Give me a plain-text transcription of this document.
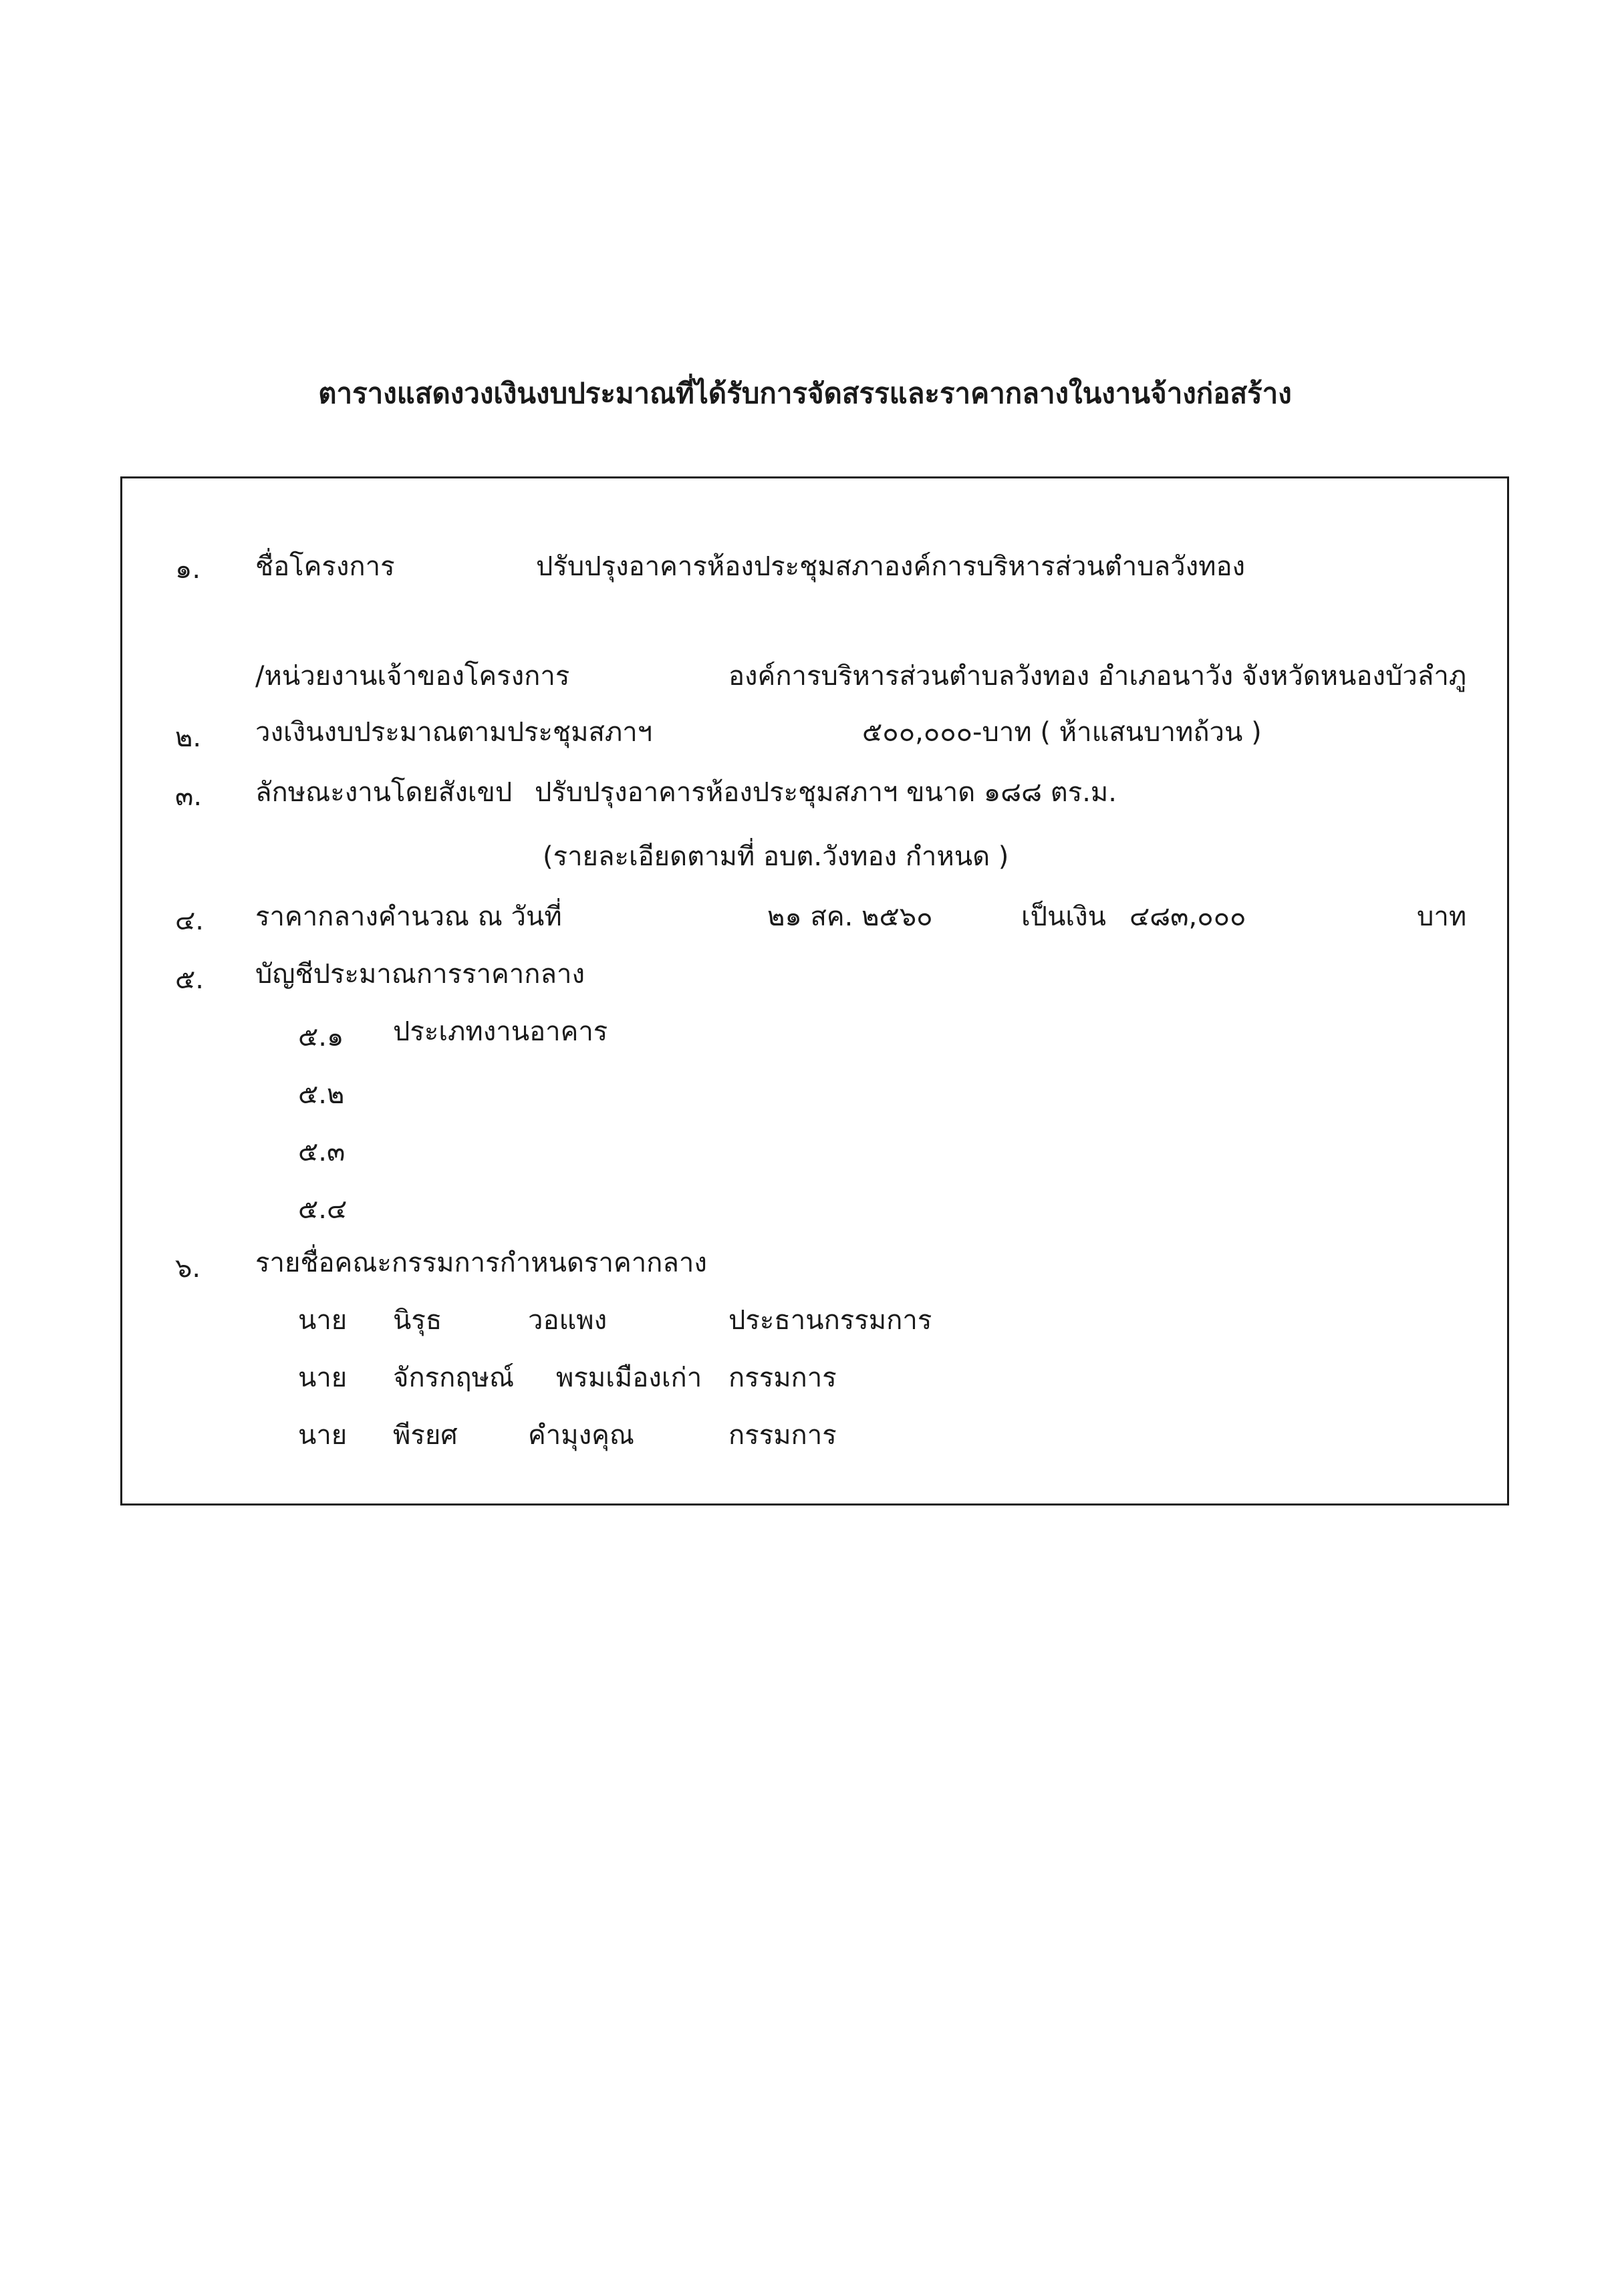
ตารางแสดงวงเงินงบประมาณที่ได้รับการจัดสรรและราคากลางในงานจ้างก่อสร้าง
๑. ชื่อโครงการ	ปรับปรุงอาคารห้องประชุมสภาองค์การบริหารส่วนตำบลวังทอง
/หน่วยงานเจ้าของโครงการ	องค์การบริหารส่วนตำบลวังทอง อำเภอนาวัง จังหวัดหนองบัวลำภู
๒. วงเงินงบประมาณตามประชุมสภาฯ	๕๐๐,๐๐๐-บาท ( ห้าแสนบาทถ้วน )
๓. ลักษณะงานโดยสังเขป ปรับปรุงอาคารห้องประชุมสภาฯ ขนาด ๑๘๘ ตร.ม.
(รายละเอียดตามที่ อบต.วังทอง กำหนด )
๔. ราคากลางคำนวณ ณ วันที่	๒๑ สค. ๒๕๖๐	เป็นเงิน ๔๘๓,๐๐๐	บาท
๕. บัญชีประมาณการราคากลาง
๕.๑ ประเภทงานอาคาร
๕.๒
๕.๓
๕.๔
๖. รายชื่อคณะกรรมการกำหนดราคากลาง
นาย นิรุธ	วอแพง	ประธานกรรมการ
นาย จักรกฤษณ์ พรมเมืองเก่า กรรมการ
นาย พีรยศ	คำมุงคุณ	กรรมการ
